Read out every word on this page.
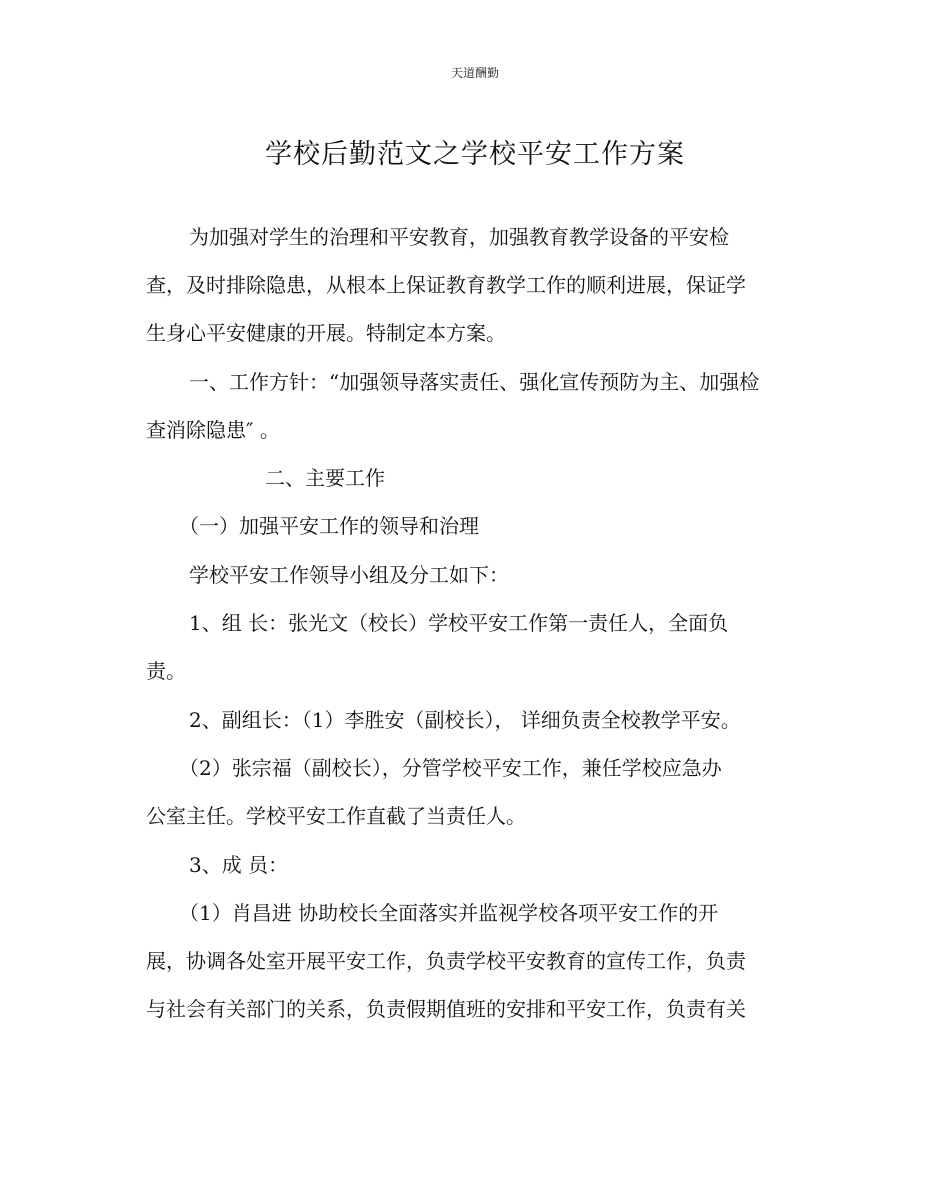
天道酬勤
学校后勤范文之学校平安工作方案
为加强对学生的治理和平安教育，加强教育教学设备的平安检
查，及时排除隐患，从根本上保证教育教学工作的顺利进展，保证学
生身心平安健康的开展。特制定本方案。
一、工作方针：“加强领导落实责任、强化宣传预防为主、加强检
查消除隐患″ 。
二、主要工作
（一）加强平安工作的领导和治理
学校平安工作领导小组及分工如下：
1、组 长：张光文（校长）学校平安工作第一责任人，全面负
责。
2、副组长：（1）李胜安（副校长）， 详细负责全校教学平安。
（2）张宗福（副校长），分管学校平安工作，兼任学校应急办
公室主任。学校平安工作直截了当责任人。
3、成 员：
（1）肖昌进 协助校长全面落实并监视学校各项平安工作的开
展，协调各处室开展平安工作，负责学校平安教育的宣传工作，负责
与社会有关部门的关系，负责假期值班的安排和平安工作，负责有关
